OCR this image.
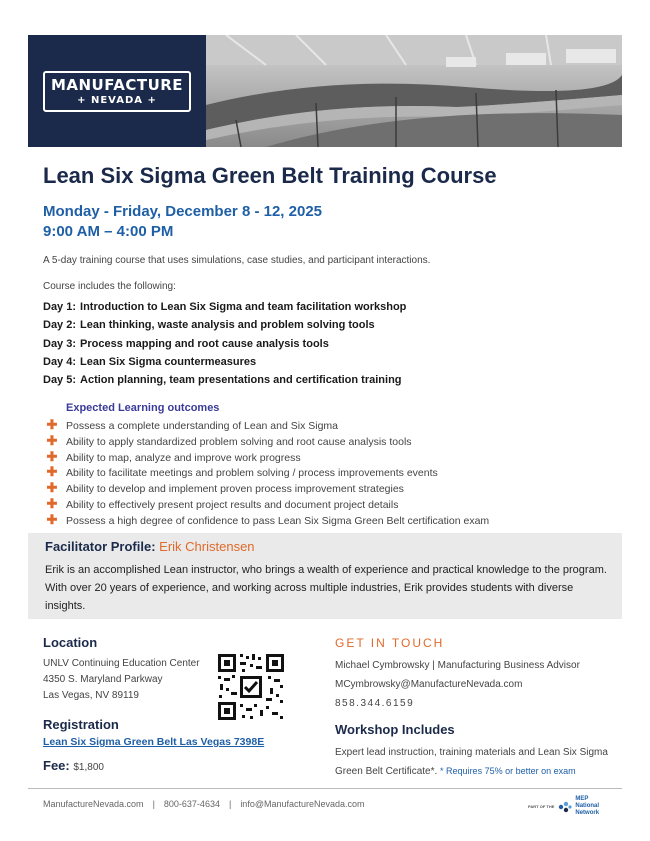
MANUFACTURE
+ NEVADA +
Lean Six Sigma Green Belt Training Course
Monday - Friday, December 8 - 12, 2025
9:00 AM – 4:00 PM
A 5-day training course that uses simulations, case studies, and participant interactions.
Course includes the following:
Day 1: Introduction to Lean Six Sigma and team facilitation workshop
Day 2: Lean thinking, waste analysis and problem solving tools
Day 3: Process mapping and root cause analysis tools
Day 4: Lean Six Sigma countermeasures
Day 5: Action planning, team presentations and certification training
Expected Learning outcomes
✚ Possess a complete understanding of Lean and Six Sigma
✚ Ability to apply standardized problem solving and root cause analysis tools
✚ Ability to map, analyze and improve work progress
✚ Ability to facilitate meetings and problem solving / process improvements events
✚ Ability to develop and implement proven process improvement strategies
✚ Ability to effectively present project results and document project details
✚ Possess a high degree of confidence to pass Lean Six Sigma Green Belt certification exam
Facilitator Profile: Erik Christensen
Erik is an accomplished Lean instructor, who brings a wealth of experience and practical knowledge to the program. With over 20 years of experience, and working across multiple industries, Erik provides students with diverse insights.
Location
UNLV Continuing Education Center
4350 S. Maryland Parkway
Las Vegas, NV 89119
Registration
Lean Six Sigma Green Belt Las Vegas 7398E
Fee: $1,800
GET IN TOUCH
Michael Cymbrowsky | Manufacturing Business Advisor
MCymbrowsky@ManufactureNevada.com
858.344.6159
Workshop Includes
Expert lead instruction, training materials and Lean Six Sigma Green Belt Certificate*. * Requires 75% or better on exam
ManufactureNevada.com | 800-637-4634 | info@ManufactureNevada.com	PART OF THE
MEP
National
Network
